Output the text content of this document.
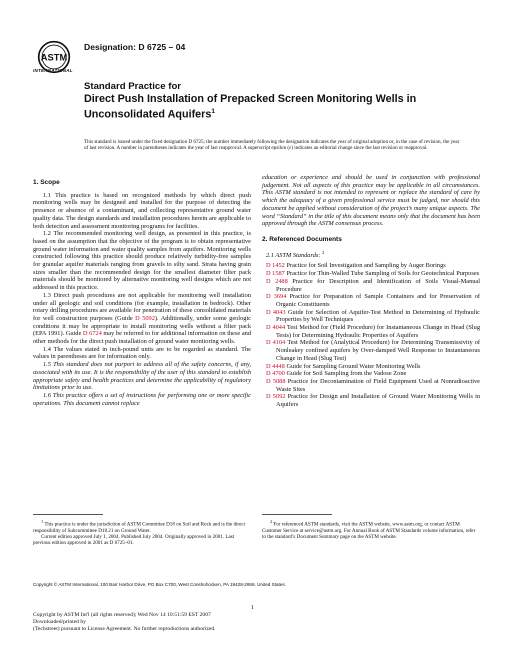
ASTM
INTERNATIONAL
Designation: D 6725 – 04
Standard Practice for
Direct Push Installation of Prepacked Screen Monitoring Wells in Unconsolidated Aquifers$^1$
This standard is issued under the fixed designation D 6725; the number immediately following the designation indicates the year of original adoption or, in the case of revision, the year of last revision. A number in parentheses indicates the year of last reapproval. A superscript epsilon (ε) indicates an editorial change since the last revision or reapproval.
1. Scope

1.1 This practice is based on recognized methods by which direct push monitoring wells may be designed and installed for the purpose of detecting the presence or absence of a contaminant, and collecting representative ground water quality data. The design standards and installation procedures herein are applicable to both detection and assessment monitoring programs for facilities.

1.2 The recommended monitoring well design, as presented in this practice, is based on the assumption that the objective of the program is to obtain representative ground water information and water quality samples from aquifers. Monitoring wells constructed following this practice should produce relatively turbidity-free samples for granular aquifer materials ranging from gravels to silty sand. Strata having grain sizes smaller than the recommended design for the smallest diameter filter pack materials should be monitored by alternative monitoring well designs which are not addressed in this practice.

1.3 Direct push procedures are not applicable for monitoring well installation under all geologic and soil conditions (for example, installation in bedrock). Other rotary drilling procedures are available for penetration of these consolidated materials for well construction purposes (Guide D 5092). Additionally, under some geologic conditions it may be appropriate to install monitoring wells without a filter pack (EPA 1991). Guide D 6724 may be referred to for additional information on these and other methods for the direct push installation of ground water monitoring wells.

1.4 The values stated in inch-pound units are to be regarded as standard. The values in parentheses are for information only.

1.5 This standard does not purport to address all of the safety concerns, if any, associated with its use. It is the responsibility of the user of this standard to establish appropriate safety and health practices and determine the applicability of regulatory limitations prior to use.

1.6 This practice offers a set of instructions for performing one or more specific operations. This document cannot replace

education or experience and should be used in conjunction with professional judgement. Not all aspects of this practice may be applicable in all circumstances. This ASTM standard is not intended to represent or replace the standard of care by which the adequacy of a given professional service must be judged, nor should this document be applied without consideration of the project’s many unique aspects. The word “Standard” in the title of this document means only that the document has been approved through the ASTM consensus process.

2. Referenced Documents

2.1 ASTM Standards: $^2$

D 1452 Practice for Soil Investigation and Sampling by Auger Borings

D 1587 Practice for Thin-Walled Tube Sampling of Soils for Geotechnical Purposes

D 2488 Practice for Description and Identification of Soils Visual-Manual Procedure

D 3694 Practice for Preparation of Sample Containers and for Preservation of Organic Constituents

D 4043 Guide for Selection of Aquifer-Test Method in Determining of Hydraulic Properties by Well Techniques

D 4044 Test Method for (Field Procedure) for Instantaneous Change in Head (Slug Tests) for Determining Hydraulic Properties of Aquifers

D 4104 Test Method for (Analytical Procedure) for Determining Transmissivity of Nonleakey confined aquifers by Over-damped Well Response to Instantaneous Change in Head (Slug Test)

D 4448 Guide for Sampling Ground Water Monitoring Wells

D 4700 Guide for Soil Sampling from the Vadose Zone

D 5088 Practice for Decontamination of Field Equipment Used at Nonradioactive Waste Sites

D 5092 Practice for Design and Installation of Ground Water Monitoring Wells in Aquifers

$^1$ This practice is under the jurisdiction of ASTM Committee D18 on Soil and Rock and is the direct responsibility of Subcommittee D18.21 on Ground Water.

Current edition approved July 1, 2004. Published July 2004. Originally approved in 2001. Last previous edition approved in 2001 as D 6725–01.

$^2$ For referenced ASTM standards, visit the ASTM website, www.astm.org, or contact ASTM Customer Service at service@astm.org. For Annual Book of ASTM Standards volume information, refer to the standard’s Document Summary page on the ASTM website.

Copyright © ASTM International, 100 Barr Harbor Drive, PO Box C700, West Conshohocken, PA 19428-2959, United States.
1
Copyright by ASTM Int'l (all rights reserved); Wed Nov 14 10:51:59 EST 2007
Downloaded/printed by
(Techstreet) pursuant to License Agreement. No further reproductions authorized.
